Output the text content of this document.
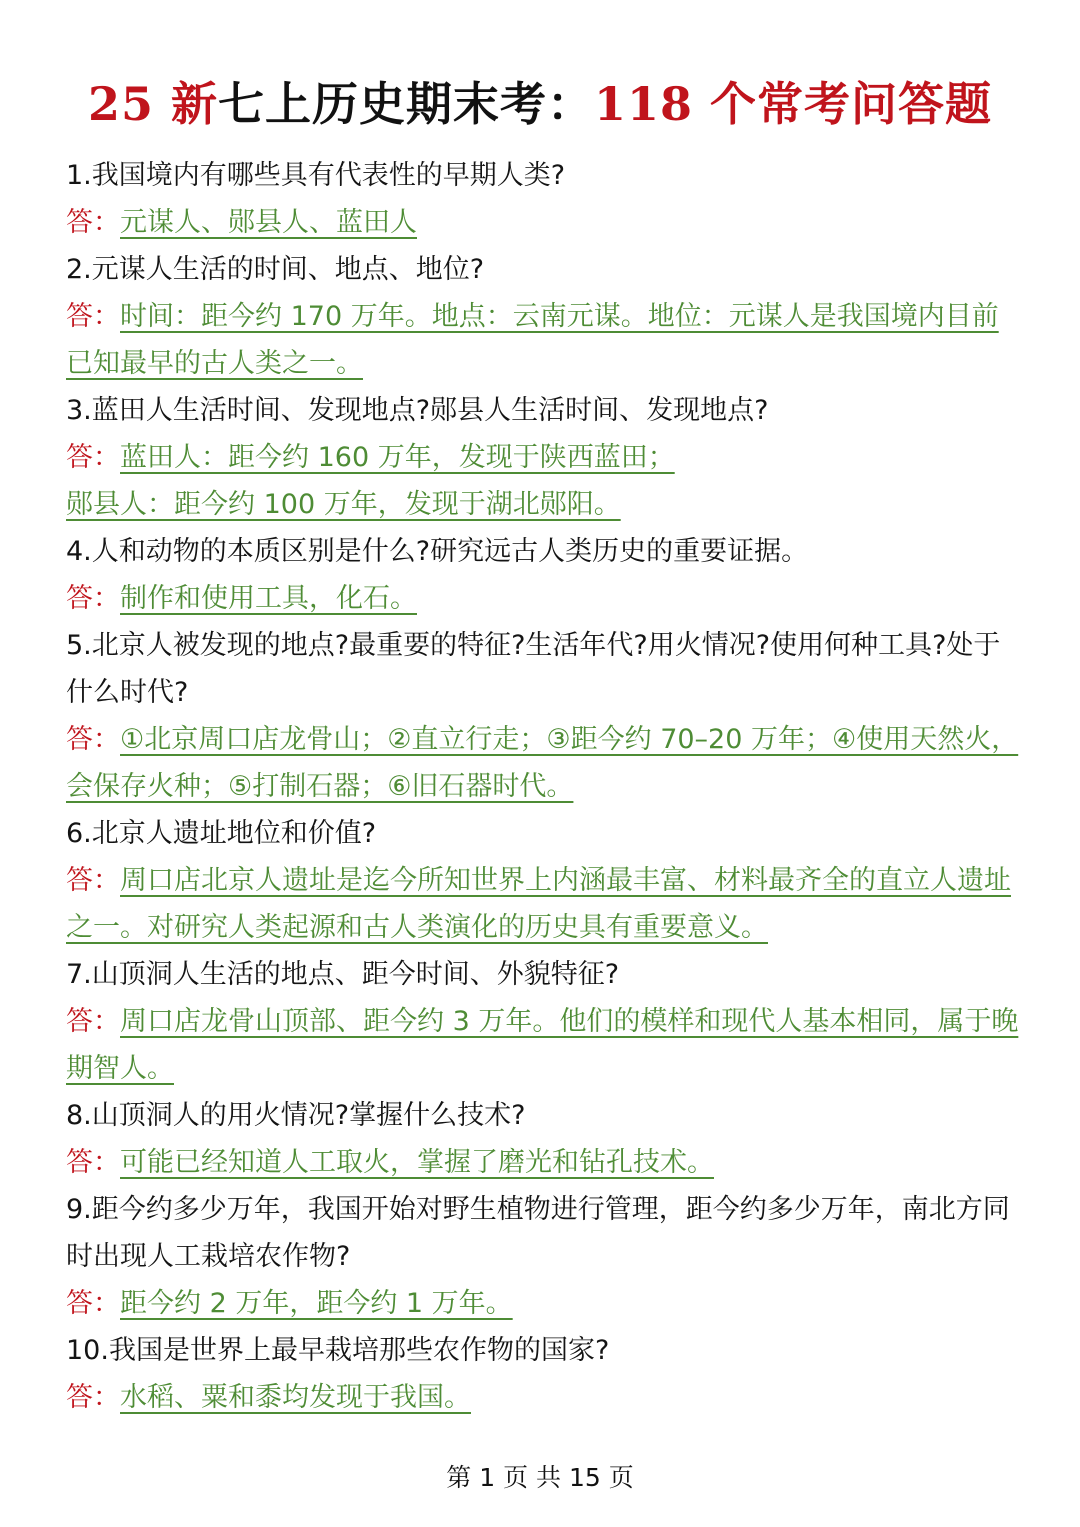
25 新七上历史期末考：118 个常考问答题

1.我国境内有哪些具有代表性的早期人类?

答：元谋人、郧县人、蓝田人

2.元谋人生活的时间、地点、地位?

答：时间：距今约 170 万年。地点：云南元谋。地位：元谋人是我国境内目前已知最早的古人类之一。

3.蓝田人生活时间、发现地点?郧县人生活时间、发现地点?

答：蓝田人：距今约 160 万年，发现于陕西蓝田；

郧县人：距今约 100 万年，发现于湖北郧阳。

4.人和动物的本质区别是什么?研究远古人类历史的重要证据。

答：制作和使用工具，化石。

5.北京人被发现的地点?最重要的特征?生活年代?用火情况?使用何种工具?处于什么时代?

答：①北京周口店龙骨山；②直立行走；③距今约 70–20 万年；④使用天然火，会保存火种；⑤打制石器；⑥旧石器时代。

6.北京人遗址地位和价值?

答：周口店北京人遗址是迄今所知世界上内涵最丰富、材料最齐全的直立人遗址之一。对研究人类起源和古人类演化的历史具有重要意义。

7.山顶洞人生活的地点、距今时间、外貌特征?

答：周口店龙骨山顶部、距今约 3 万年。他们的模样和现代人基本相同，属于晚期智人。

8.山顶洞人的用火情况?掌握什么技术?

答：可能已经知道人工取火，掌握了磨光和钻孔技术。

9.距今约多少万年，我国开始对野生植物进行管理，距今约多少万年，南北方同时出现人工栽培农作物?

答：距今约 2 万年，距今约 1 万年。

10.我国是世界上最早栽培那些农作物的国家?

答：水稻、粟和黍均发现于我国。

第 1 页 共 15 页
